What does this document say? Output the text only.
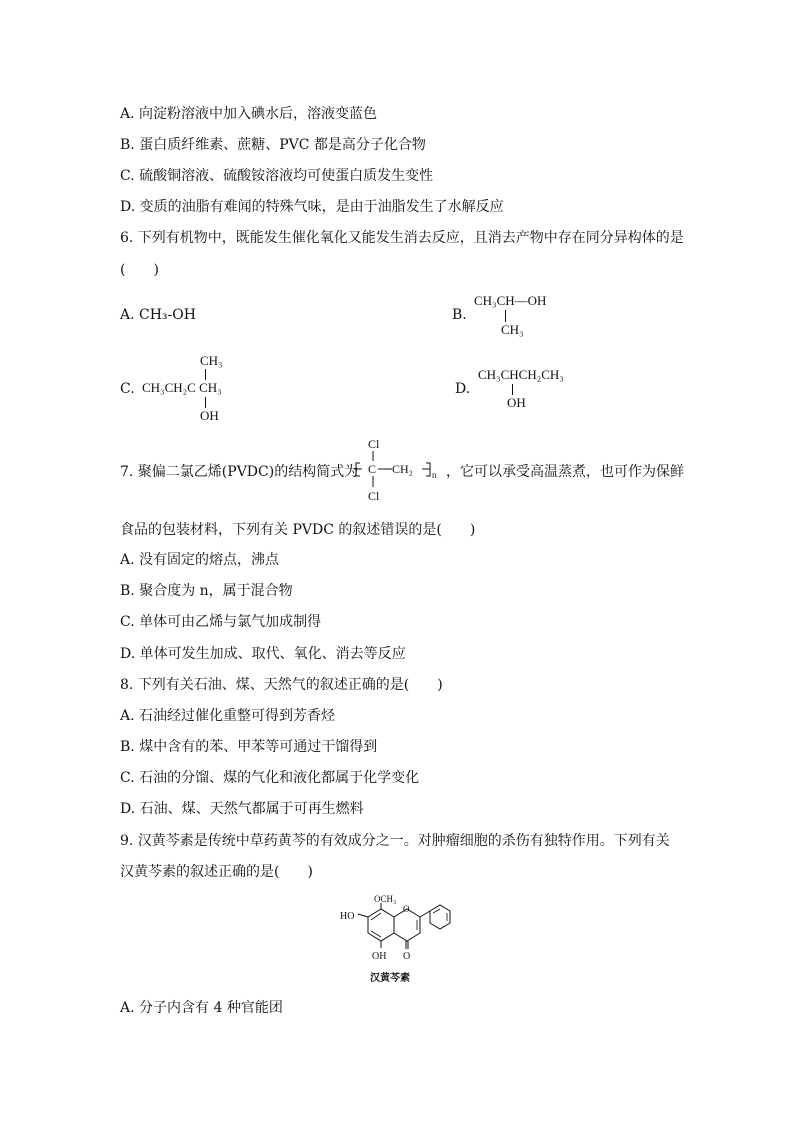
A. 向淀粉溶液中加入碘水后，溶液变蓝色
B. 蛋白质纤维素、蔗糖、PVC 都是高分子化合物
C. 硫酸铜溶液、硫酸铵溶液均可使蛋白质发生变性
D. 变质的油脂有难闻的特殊气味，是由于油脂发生了水解反应
6. 下列有机物中，既能发生催化氧化又能发生消去反应，且消去产物中存在同分异构体的是
(　　)
A. CH₃-OH	B.
CH₃CH—OH
CH₃
C.
CH₃
CH₃CH₂C CH₃
OH
D.
CH₃CHCH₂CH₃
OH
7. 聚偏二氯乙烯(PVDC)的结构简式为
Cl
C CH₂
Cl
n ，它可以承受高温蒸煮，也可作为保鲜
食品的包装材料，下列有关 PVDC 的叙述错误的是(　　)
A. 没有固定的熔点，沸点
B. 聚合度为 n，属于混合物
C. 单体可由乙烯与氯气加成制得
D. 单体可发生加成、取代、氧化、消去等反应
8. 下列有关石油、煤、天然气的叙述正确的是(　　)
A. 石油经过催化重整可得到芳香烃
B. 煤中含有的苯、甲苯等可通过干馏得到
C. 石油的分馏、煤的气化和液化都属于化学变化
D. 石油、煤、天然气都属于可再生燃料
9. 汉黄芩素是传统中草药黄芩的有效成分之一。对肿瘤细胞的杀伤有独特作用。下列有关
汉黄芩素的叙述正确的是(　　)
O
O
OCH₃
HO
OH
汉黄芩素
A. 分子内含有 4 种官能团
